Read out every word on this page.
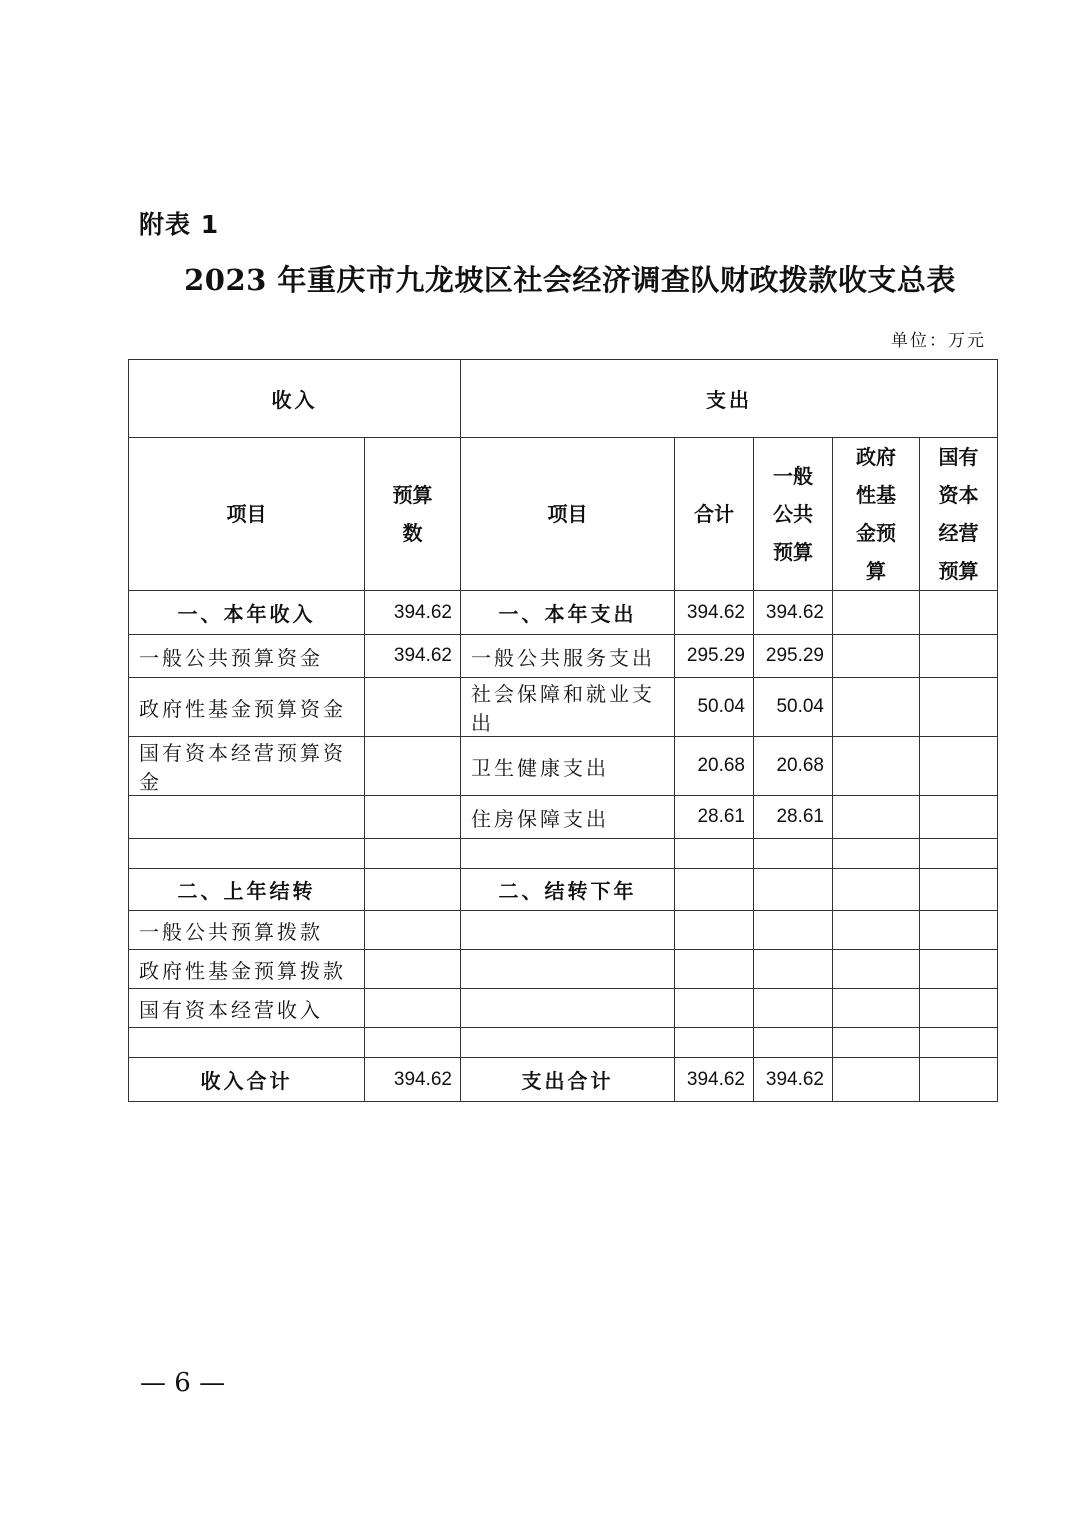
附表 1
2023 年重庆市九龙坡区社会经济调查队财政拨款收支总表
单位：万元
收入		支出				
项目	预算数	项目	合计	一般公共预算	政府性基金预算	国有资本经营预算
一、本年收入	394.62	一、本年支出	394.62	394.62		
一般公共预算资金	394.62	一般公共服务支出	295.29	295.29		
政府性基金预算资金		社会保障和就业支出	50.04	50.04		
国有资本经营预算资金		卫生健康支出	20.68	20.68		
		住房保障支出	28.61	28.61		

二、上年结转		二、结转下年				
一般公共预算拨款						
政府性基金预算拨款						
国有资本经营收入						

收入合计	394.62	支出合计	394.62	394.62		
— 6 —
